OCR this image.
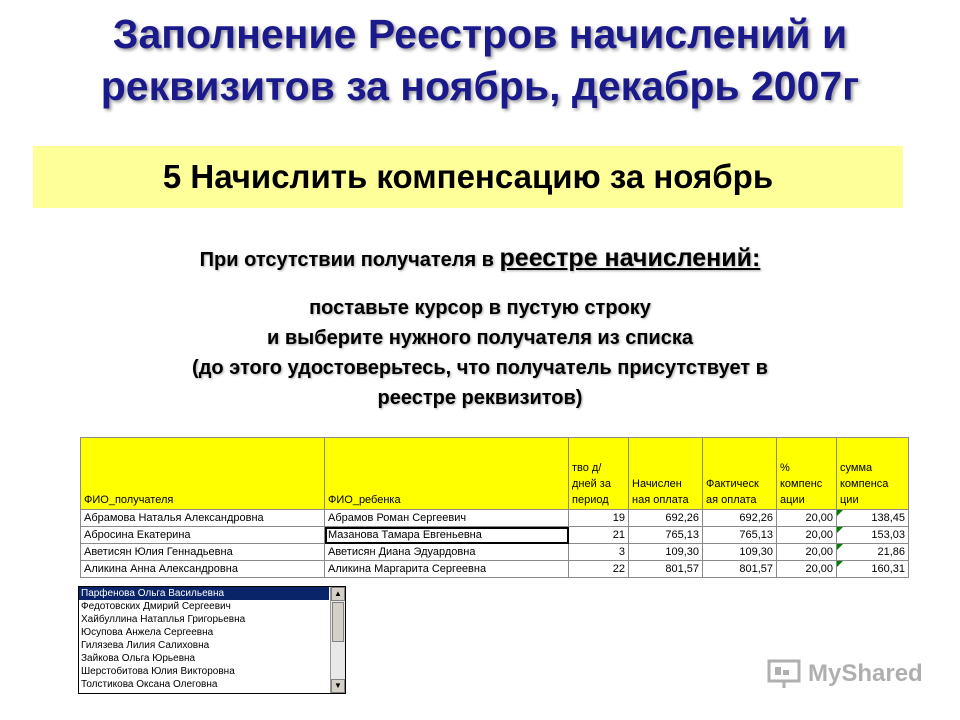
Заполнение Реестров начислений и
реквизитов за ноябрь, декабрь 2007г
5 Начислить компенсацию за ноябрь
При отсутствии получателя в реестре начислений:
поставьте курсор в пустую строку
и выберите нужного получателя из списка
(до этого удостоверьтесь, что получатель присутствует в
реестре реквизитов)
ФИО_получателя	ФИО_ребенка	тво д/дней за период	Начислен ная оплата	Фактическ ая оплата	% компенс ации	сумма компенса ции
Абрамова Наталья Александровна	Абрамов Роман Сергеевич	19	692,26	692,26	20,00	138,45
Абросина Екатерина	Мазанова Тамара Евгеньевна	21	765,13	765,13	20,00	153,03
Аветисян Юлия Геннадьевна	Аветисян Диана Эдуардовна	3	109,30	109,30	20,00	21,86
Аликина Анна Александровна	Аликина Маргарита Сергеевна	22	801,57	801,57	20,00	160,31

Парфенова Ольга Васильевна
Федотовских Дмирий Сергеевич
Хайбуллина Натаплья Григорьевна
Юсупова Анжела Сергеевна
Гилязева Лилия Салиховна
Зайкова Ольга Юрьевна
Шерстобитова Юлия Викторовна
Толстикова Оксана Олеговна
▲
▼	MyShared
